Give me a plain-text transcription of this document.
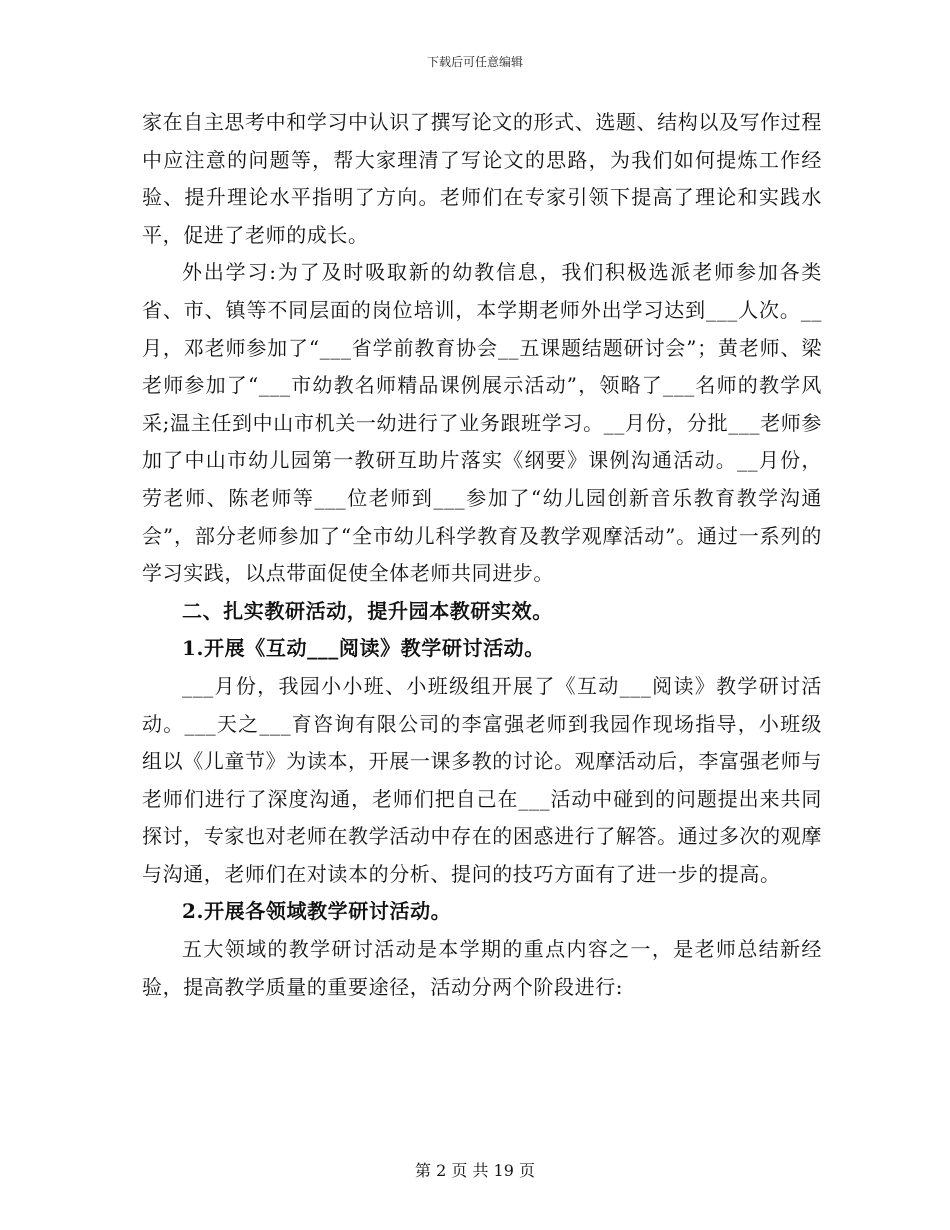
下载后可任意编辑

家在自主思考中和学习中认识了撰写论文的形式、选题、结构以及写作过程中应注意的问题等，帮大家理清了写论文的思路，为我们如何提炼工作经验、提升理论水平指明了方向。老师们在专家引领下提高了理论和实践水平，促进了老师的成长。

外出学习:为了及时吸取新的幼教信息，我们积极选派老师参加各类省、市、镇等不同层面的岗位培训，本学期老师外出学习达到___人次。__月，邓老师参加了“___省学前教育协会__五课题结题研讨会”；黄老师、梁老师参加了“___市幼教名师精品课例展示活动”，领略了___名师的教学风采;温主任到中山市机关一幼进行了业务跟班学习。__月份，分批___老师参加了中山市幼儿园第一教研互助片落实《纲要》课例沟通活动。__月份，劳老师、陈老师等___位老师到___参加了“幼儿园创新音乐教育教学沟通会”，部分老师参加了“全市幼儿科学教育及教学观摩活动”。通过一系列的学习实践，以点带面促使全体老师共同进步。

二、扎实教研活动，提升园本教研实效。

1.开展《互动___阅读》教学研讨活动。

___月份，我园小小班、小班级组开展了《互动___阅读》教学研讨活动。___天之___育咨询有限公司的李富强老师到我园作现场指导，小班级组以《儿童节》为读本，开展一课多教的讨论。观摩活动后，李富强老师与老师们进行了深度沟通，老师们把自己在___活动中碰到的问题提出来共同探讨，专家也对老师在教学活动中存在的困惑进行了解答。通过多次的观摩与沟通，老师们在对读本的分析、提问的技巧方面有了进一步的提高。

2.开展各领域教学研讨活动。

五大领域的教学研讨活动是本学期的重点内容之一，是老师总结新经验，提高教学质量的重要途径，活动分两个阶段进行:

第 2 页 共 19 页
